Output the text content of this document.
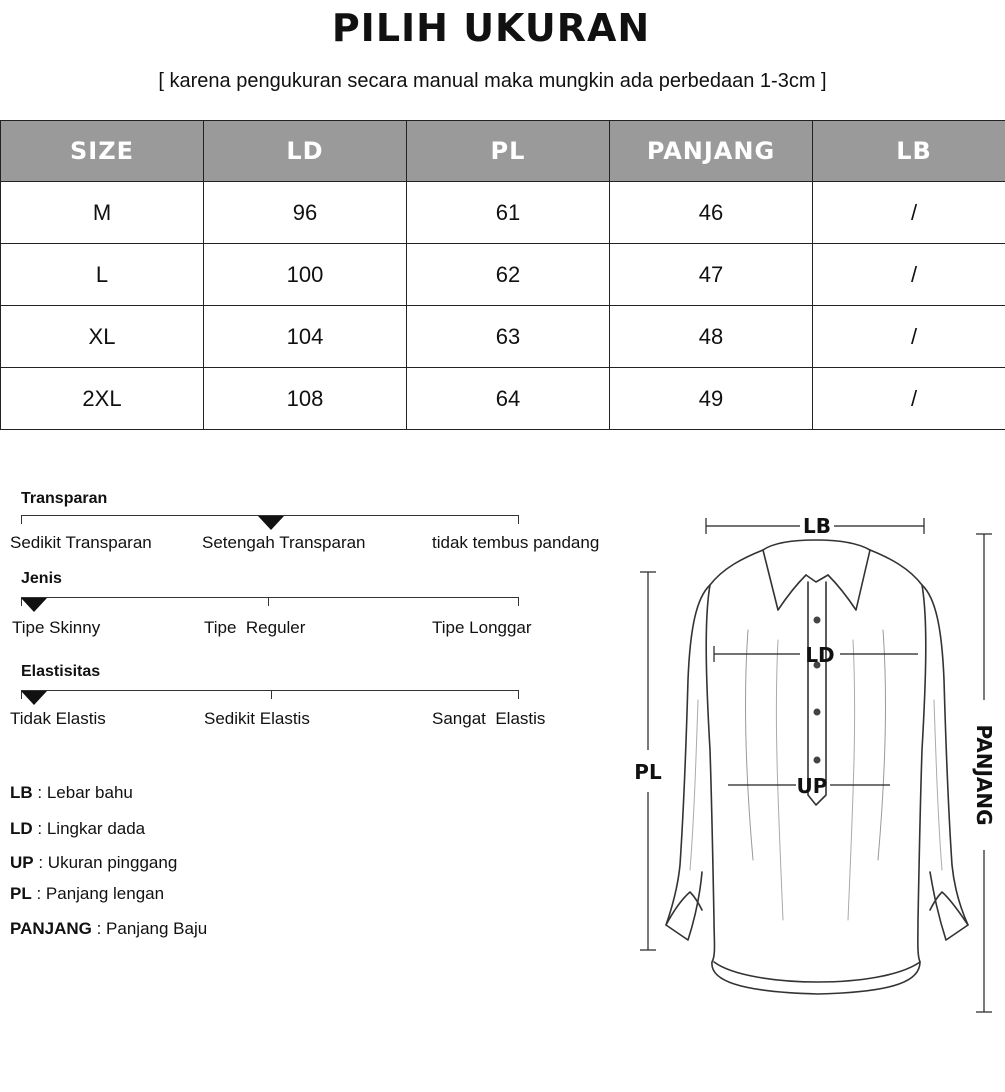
PILIH UKURAN
[ karena pengukuran secara manual maka mungkin ada perbedaan 1-3cm ]
SIZE	LD	PL	PANJANG	LB
M	96	61	46	/
L	100	62	47	/
XL	104	63	48	/
2XL	108	64	49	/
Transparan
Sedikit Transparan	Setengah Transparan	tidak tembus pandang
Jenis
Tipe Skinny	Tipe  Reguler	Tipe Longgar
Elastisitas
Tidak Elastis	Sedikit Elastis	Sangat  Elastis
LB : Lebar bahu
LD : Lingkar dada
UP : Ukuran pinggang
PL : Panjang lengan
PANJANG : Panjang Baju
LB
LD
UP
PL	PANJANG
